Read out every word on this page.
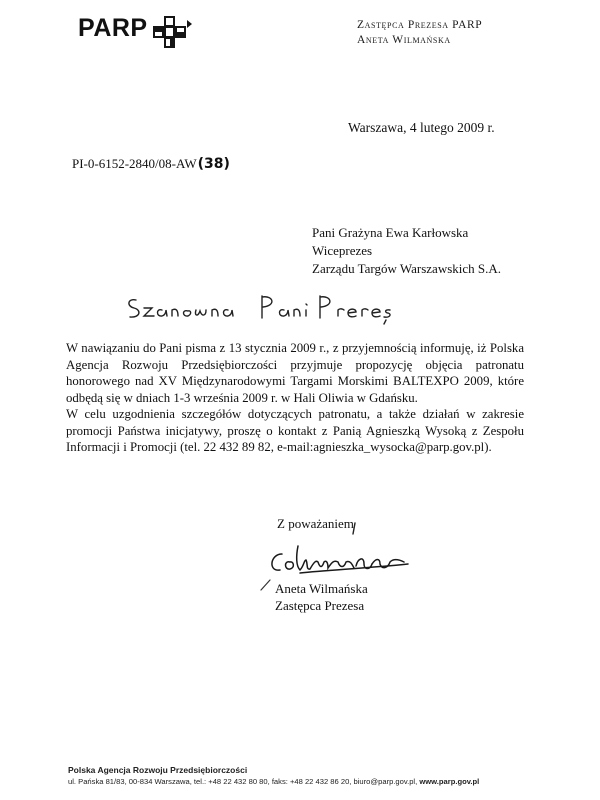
PARP	Zastępca Prezesa PARP
Aneta Wilmańska
Warszawa, 4 lutego 2009 r.
PI-0-6152-2840/08-AW (38)
Pani Grażyna Ewa Karłowska
Wiceprezes
Zarządu Targów Warszawskich S.A.
W nawiązaniu do Pani pisma z 13 stycznia 2009 r., z przyjemnością informuję, iż Polska Agencja Rozwoju Przedsiębiorczości przyjmuje propozycję objęcia patronatu honorowego nad XV Międzynarodowymi Targami Morskimi BALTEXPO 2009, które odbędą się w dniach 1-3 września 2009 r. w Hali Oliwia w Gdańsku.
W celu uzgodnienia szczegółów dotyczących patronatu, a także działań w zakresie promocji Państwa inicjatywy, proszę o kontakt z Panią Agnieszką Wysoką z Zespołu Informacji i Promocji (tel. 22 432 89 82, e-mail:agnieszka_wysocka@parp.gov.pl).
Z poważaniem
Aneta Wilmańska
Zastępca Prezesa
Polska Agencja Rozwoju Przedsiębiorczości
ul. Pańska 81/83, 00-834 Warszawa, tel.: +48 22 432 80 80, faks: +48 22 432 86 20, biuro@parp.gov.pl, www.parp.gov.pl
